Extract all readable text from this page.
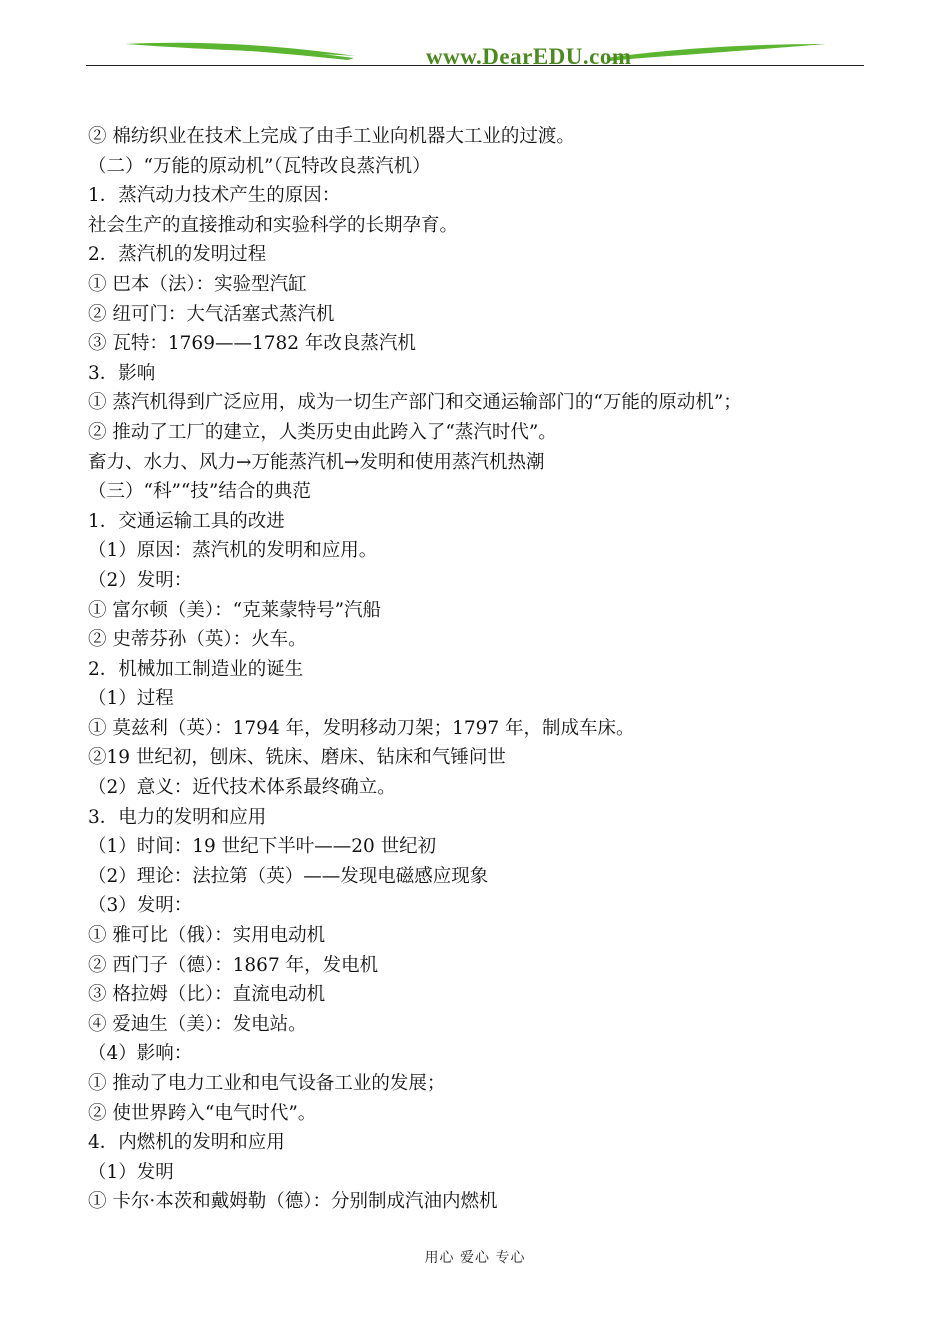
www.DearEDU.com
② 棉纺织业在技术上完成了由手工业向机器大工业的过渡。
（二）“万能的原动机”（瓦特改良蒸汽机）
1．蒸汽动力技术产生的原因：
社会生产的直接推动和实验科学的长期孕育。
2．蒸汽机的发明过程
① 巴本（法）：实验型汽缸
② 纽可门：大气活塞式蒸汽机
③ 瓦特：1769——1782 年改良蒸汽机
3．影响
① 蒸汽机得到广泛应用，成为一切生产部门和交通运输部门的“万能的原动机”；
② 推动了工厂的建立，人类历史由此跨入了“蒸汽时代”。
畜力、水力、风力→万能蒸汽机→发明和使用蒸汽机热潮
（三）“科”“技”结合的典范
1．交通运输工具的改进
（1）原因：蒸汽机的发明和应用。
（2）发明：
① 富尔顿（美）：“克莱蒙特号”汽船
② 史蒂芬孙（英）：火车。
2．机械加工制造业的诞生
（1）过程
① 莫兹利（英）：1794 年，发明移动刀架；1797 年，制成车床。
②19 世纪初，刨床、铣床、磨床、钻床和气锤问世
（2）意义：近代技术体系最终确立。
3．电力的发明和应用
（1）时间：19 世纪下半叶——20 世纪初
（2）理论：法拉第（英）——发现电磁感应现象
（3）发明：
① 雅可比（俄）：实用电动机
② 西门子（德）：1867 年，发电机
③ 格拉姆（比）：直流电动机
④ 爱迪生（美）：发电站。
（4）影响：
① 推动了电力工业和电气设备工业的发展；
② 使世界跨入“电气时代”。
4．内燃机的发明和应用
（1）发明
① 卡尔·本茨和戴姆勒（德）：分别制成汽油内燃机
用心 爱心 专心
